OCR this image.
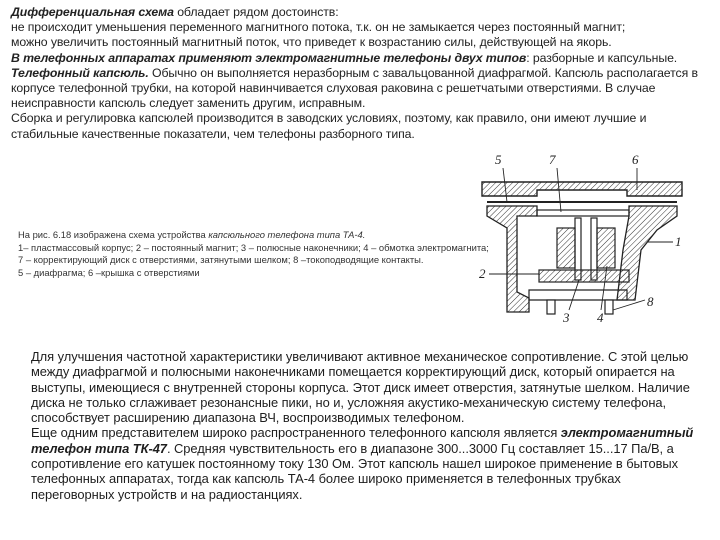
Дифференциальная схема обладает рядом достоинств:

не происходит уменьшения переменного магнитного потока, т.к. он не замыкается через постоянный магнит;

можно увеличить постоянный магнитный поток, что приведет к возрастанию силы, действующей на якорь.

В телефонных аппаратах применяют электромагнитные телефоны двух типов: разборные и капсульные.

Телефонный капсюль. Обычно он выполняется неразборным с завальцованной диафрагмой. Капсюль располагается в корпусе телефонной трубки, на которой навинчивается слуховая раковина с решетчатыми отверстиями. В случае неисправности капсюль следует заменить другим, исправным.

Сборка и регулировка капсюлей производится в заводских условиях, поэтому, как правило, они имеют лучшие и стабильные качественные показатели, чем телефоны разборного типа.

На рис. 6.18 изображена схема устройства капсюльного телефона типа ТА-4.

1– пластмассовый корпус; 2 – постоянный магнит; 3 – полюсные наконечники; 4 – обмотка электромагнита;

7 – корректирующий диск с отверстиями, затянутыми шелком; 8 –токоподводящие контакты.

5 – диафрагма; 6 –крышка с отверстиями

5	7	6
1
2
3 4
8

Для улучшения частотной характеристики увеличивают активное механическое сопротивление. С этой целью между диафрагмой и полюсными наконечниками помещается корректирующий диск, который опирается на выступы, имеющиеся с внутренней стороны корпуса. Этот диск имеет отверстия, затянутые шелком. Наличие диска не только сглаживает резонансные пики, но и, усложняя акустико-механическую систему телефона, способствует расширению диапазона ВЧ, воспроизводимых телефоном.

Еще одним представителем широко распространенного телефонного капсюля является электромагнитный телефон типа ТК-47. Средняя чувствительность его в диапазоне 300...3000 Гц составляет 15...17 Па/В, а сопротивление его катушек постоянному току 130 Ом. Этот капсюль нашел широкое применение в бытовых телефонных аппаратах, тогда как капсюль ТА-4 более широко применяется в телефонных трубках переговорных устройств и на радиостанциях.
